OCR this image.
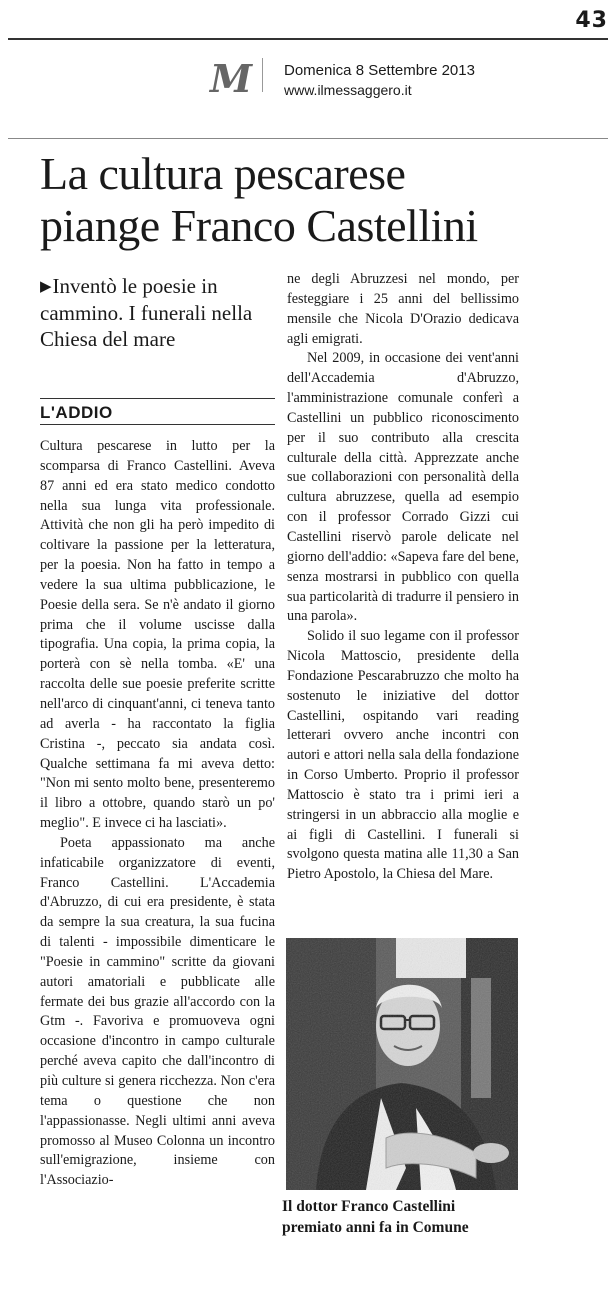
43
M Domenica 8 Settembre 2013
www.ilmessaggero.it
La cultura pescarese
piange Franco Castellini
▶Inventò le poesie in cammino. I funerali nella Chiesa del mare
L'ADDIO

Cultura pescarese in lutto per la scomparsa di Franco Castellini. Aveva 87 anni ed era stato medico condotto nella sua lunga vita professionale. Attività che non gli ha però impedito di coltivare la passione per la letteratura, per la poesia. Non ha fatto in tempo a vedere la sua ultima pubblicazione, le Poesie della sera. Se n'è andato il giorno prima che il volume uscisse dalla tipografia. Una copia, la prima copia, la porterà con sè nella tomba. «E' una raccolta delle sue poesie preferite scritte nell'arco di cinquant'anni, ci teneva tanto ad averla - ha raccontato la figlia Cristina -, peccato sia andata così. Qualche settimana fa mi aveva detto: "Non mi sento molto bene, presenteremo il libro a ottobre, quando starò un po' meglio". E invece ci ha lasciati».

Poeta appassionato ma anche infaticabile organizzatore di eventi, Franco Castellini. L'Accademia d'Abruzzo, di cui era presidente, è stata da sempre la sua creatura, la sua fucina di talenti - impossibile dimenticare le "Poesie in cammino" scritte da giovani autori amatoriali e pubblicate alle fermate dei bus grazie all'accordo con la Gtm -. Favoriva e promuoveva ogni occasione d'incontro in campo culturale perché aveva capito che dall'incontro di più culture si genera ricchezza. Non c'era tema o questione che non l'appassionasse. Negli ultimi anni aveva promosso al Museo Colonna un incontro sull'emigrazione, insieme con l'Associazio-

ne degli Abruzzesi nel mondo, per festeggiare i 25 anni del bellissimo mensile che Nicola D'Orazio dedicava agli emigrati.

Nel 2009, in occasione dei vent'anni dell'Accademia d'Abruzzo, l'amministrazione comunale conferì a Castellini un pubblico riconoscimento per il suo contributo alla crescita culturale della città. Apprezzate anche sue collaborazioni con personalità della cultura abruzzese, quella ad esempio con il professor Corrado Gizzi cui Castellini riservò parole delicate nel giorno dell'addio: «Sapeva fare del bene, senza mostrarsi in pubblico con quella sua particolarità di tradurre il pensiero in una parola».

Solido il suo legame con il professor Nicola Mattoscio, presidente della Fondazione Pescarabruzzo che molto ha sostenuto le iniziative del dottor Castellini, ospitando vari reading letterari ovvero anche incontri con autori e attori nella sala della fondazione in Corso Umberto. Proprio il professor Mattoscio è stato tra i primi ieri a stringersi in un abbraccio alla moglie e ai figli di Castellini. I funerali si svolgono questa matina alle 11,30 a San Pietro Apostolo, la Chiesa del Mare.

Il dottor Franco Castellini
premiato anni fa in Comune
